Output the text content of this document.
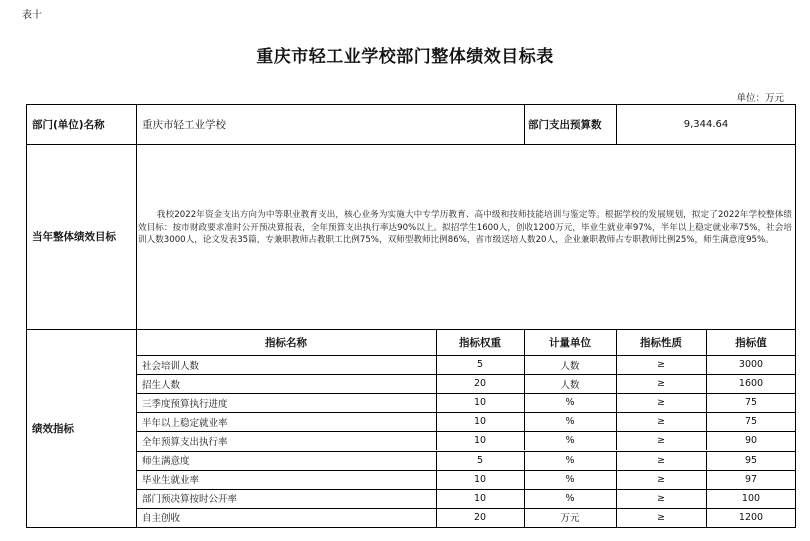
表十
重庆市轻工业学校部门整体绩效目标表
单位：万元
部门(单位)名称	重庆市轻工业学校	部门支出预算数	9,344.64
当年整体绩效目标

我校2022年资金支出方向为中等职业教育支出，核心业务为实施大中专学历教育、高中级和技师技能培训与鉴定等。根据学校的发展规划，拟定了2022年学校整体绩效目标：按市财政要求准时公开预决算报表，全年预算支出执行率达90%以上。拟招学生1600人，创收1200万元，毕业生就业率97%，半年以上稳定就业率75%，社会培训人数3000人，论文发表35篇，专兼职教师占教职工比例75%，双师型教师比例86%，省市级送培人数20人，企业兼职教师占专职教师比例25%，师生满意度95%。

绩效指标
指标名称	指标权重	计量单位	指标性质	指标值
社会培训人数	5	人数	≥	3000
招生人数	20	人数	≥	1600
三季度预算执行进度	10	%	≥	75
半年以上稳定就业率	10	%	≥	75
全年预算支出执行率	10	%	≥	90
师生满意度	5	%	≥	95
毕业生就业率	10	%	≥	97
部门预决算按时公开率	10	%	≥	100
自主创收	20	万元	≥	1200
